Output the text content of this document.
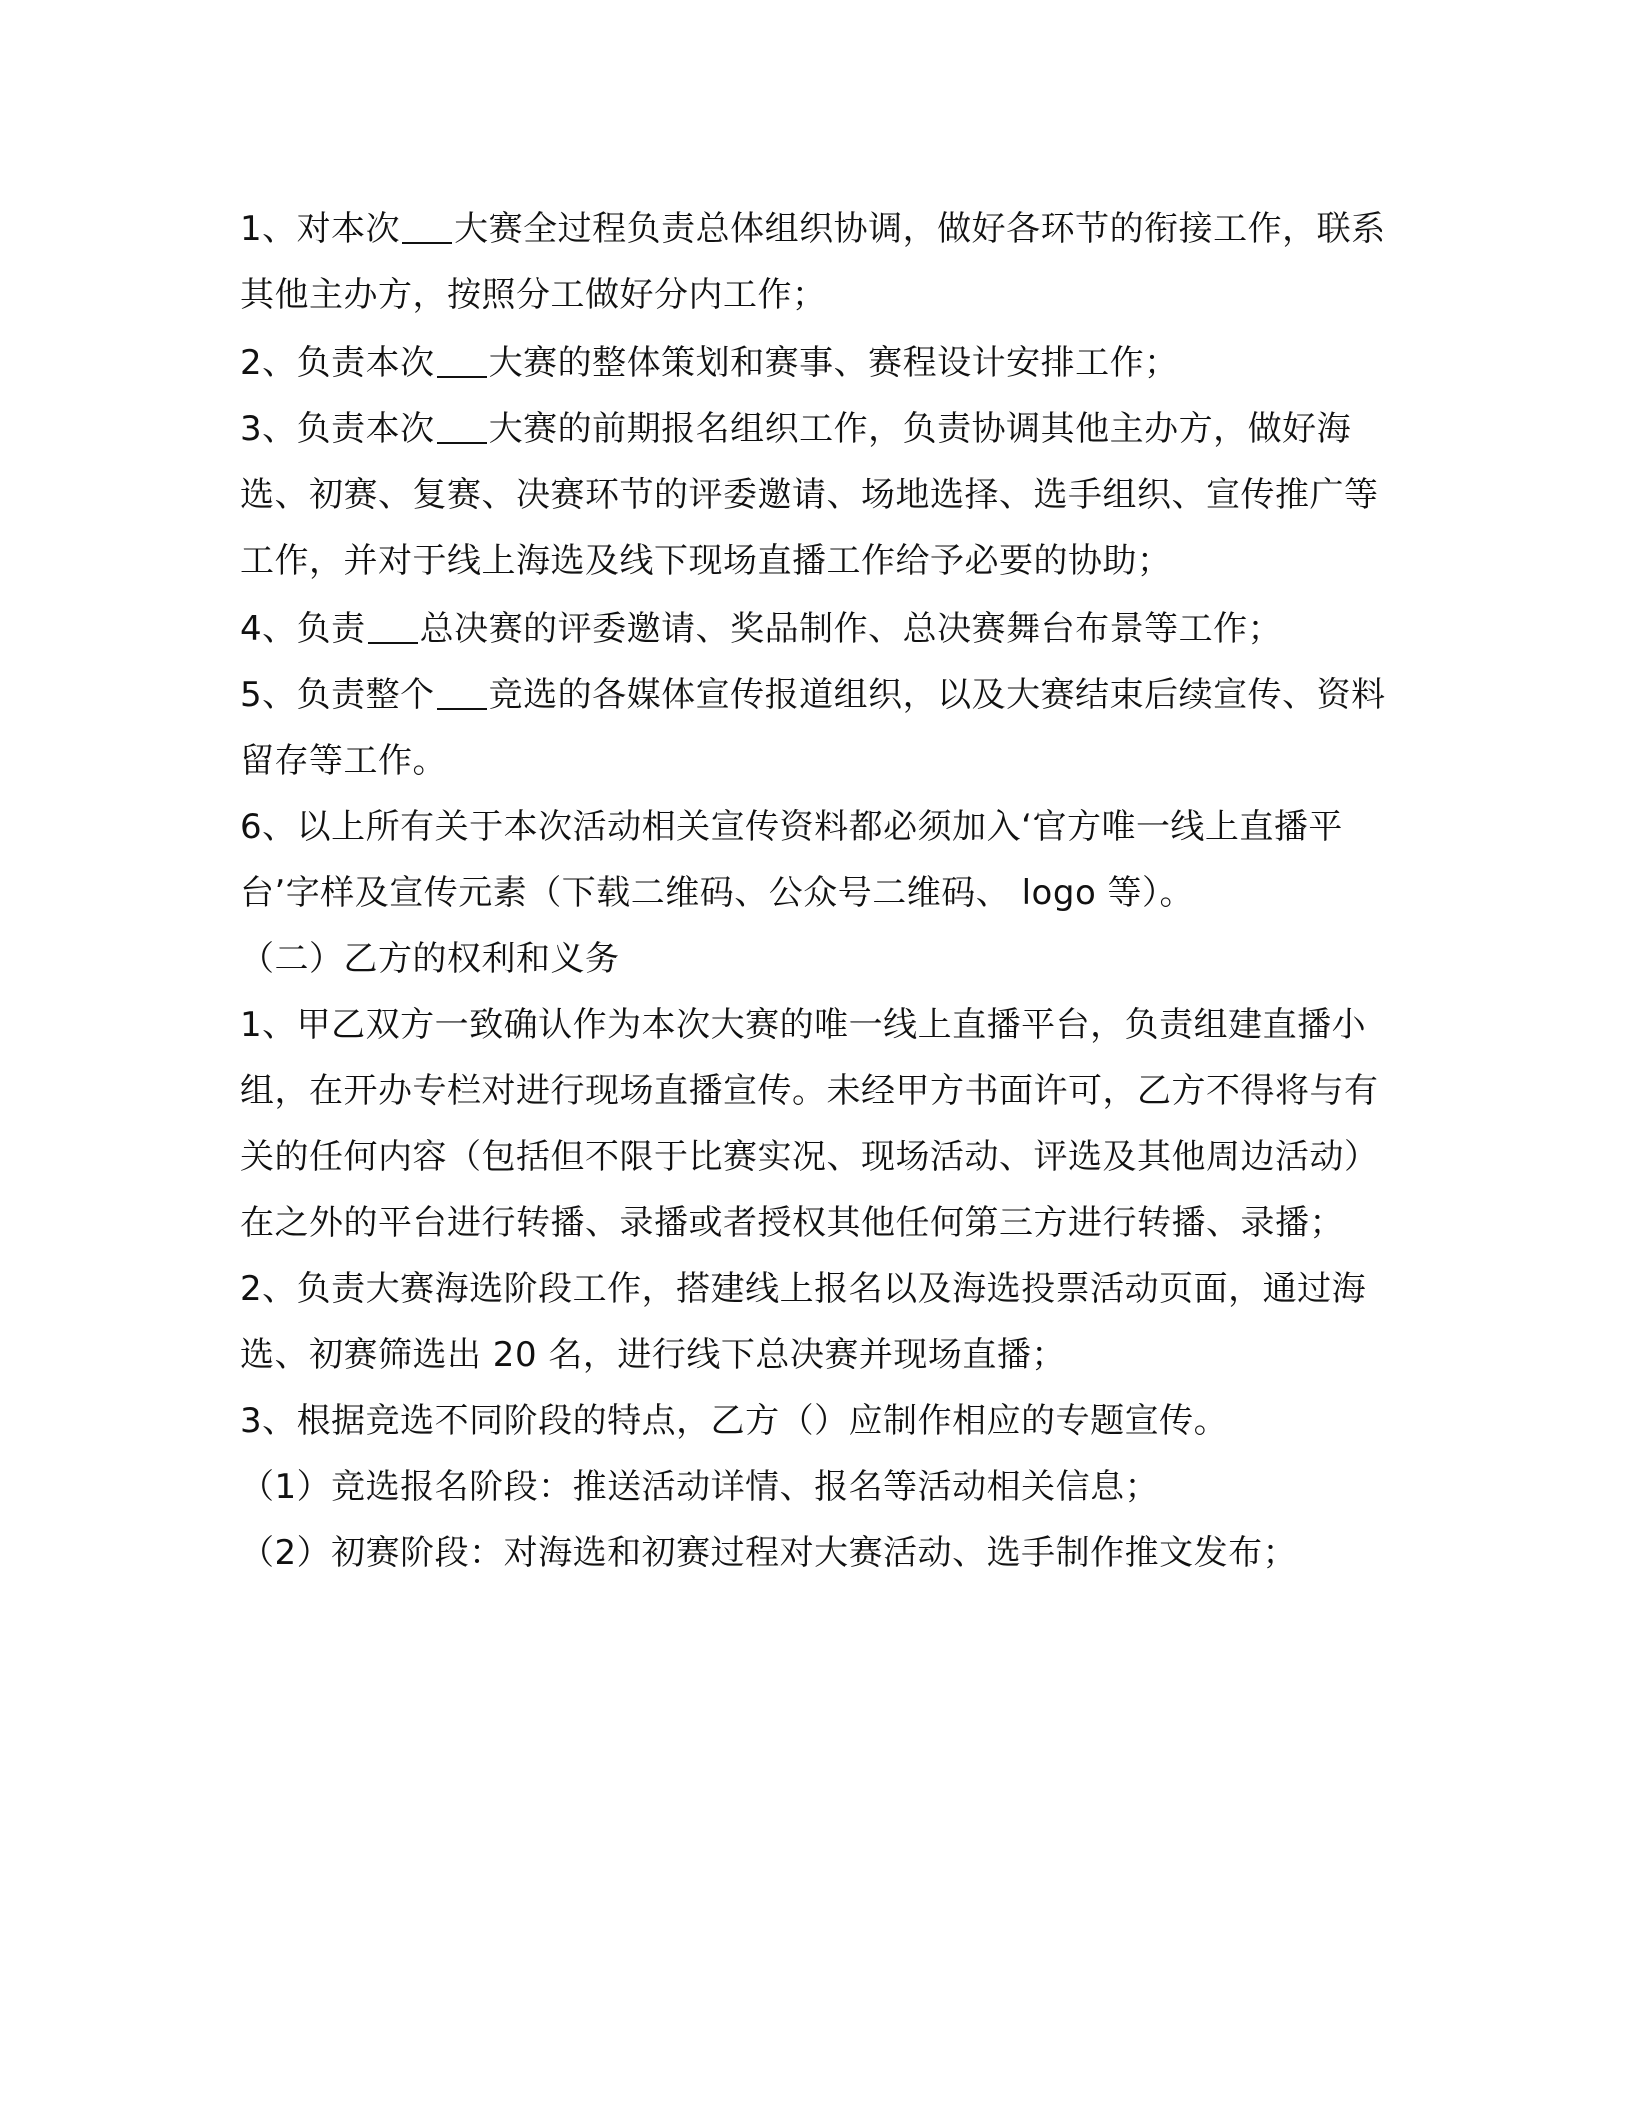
1、对本次 大赛全过程负责总体组织协调，做好各环节的衔接工作，联系其他主办方，按照分工做好分内工作；

2、负责本次 大赛的整体策划和赛事、赛程设计安排工作；

3、负责本次 大赛的前期报名组织工作，负责协调其他主办方，做好海选、初赛、复赛、决赛环节的评委邀请、场地选择、选手组织、宣传推广等工作，并对于线上海选及线下现场直播工作给予必要的协助；

4、负责 总决赛的评委邀请、奖品制作、总决赛舞台布景等工作；

5、负责整个 竞选的各媒体宣传报道组织，以及大赛结束后续宣传、资料留存等工作。

6、以上所有关于本次活动相关宣传资料都必须加入‘官方唯一线上直播平台’字样及宣传元素（下载二维码、公众号二维码、 logo 等）。

（二）乙方的权利和义务

1、甲乙双方一致确认作为本次大赛的唯一线上直播平台，负责组建直播小组，在开办专栏对进行现场直播宣传。未经甲方书面许可，乙方不得将与有关的任何内容（包括但不限于比赛实况、现场活动、评选及其他周边活动）在之外的平台进行转播、录播或者授权其他任何第三方进行转播、录播；

2、负责大赛海选阶段工作，搭建线上报名以及海选投票活动页面，通过海选、初赛筛选出 20 名，进行线下总决赛并现场直播；

3、根据竞选不同阶段的特点，乙方（）应制作相应的专题宣传。

（1）竞选报名阶段：推送活动详情、报名等活动相关信息；

（2）初赛阶段：对海选和初赛过程对大赛活动、选手制作推文发布；
